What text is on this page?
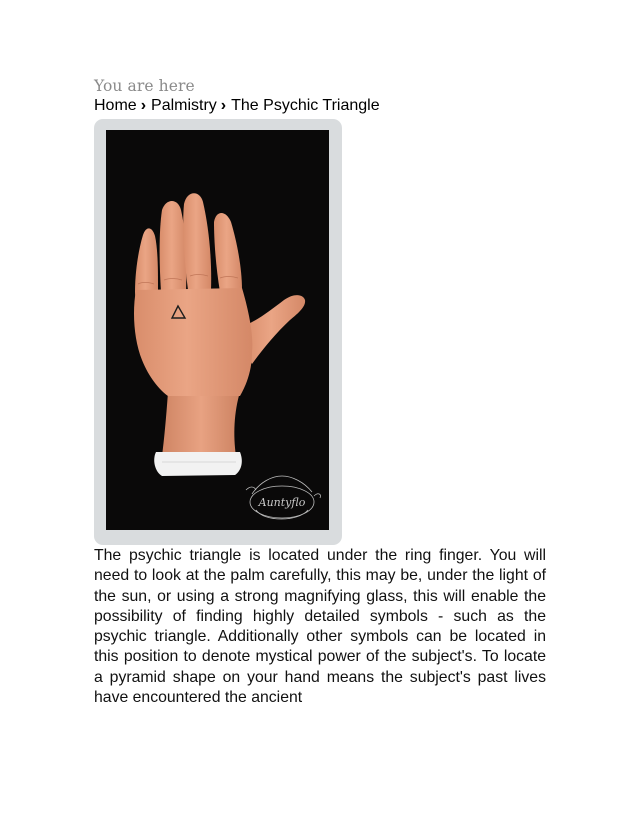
You are here
Home › Palmistry › The Psychic Triangle
Auntyflo

The psychic triangle is located under the ring finger. You will need to look at the palm carefully, this may be, under the light of the sun, or using a strong magnifying glass, this will enable the possibility of finding highly detailed symbols - such as the psychic triangle. Additionally other symbols can be located in this position to denote mystical power of the subject's. To locate a pyramid shape on your hand means the subject's past lives have encountered the ancient
